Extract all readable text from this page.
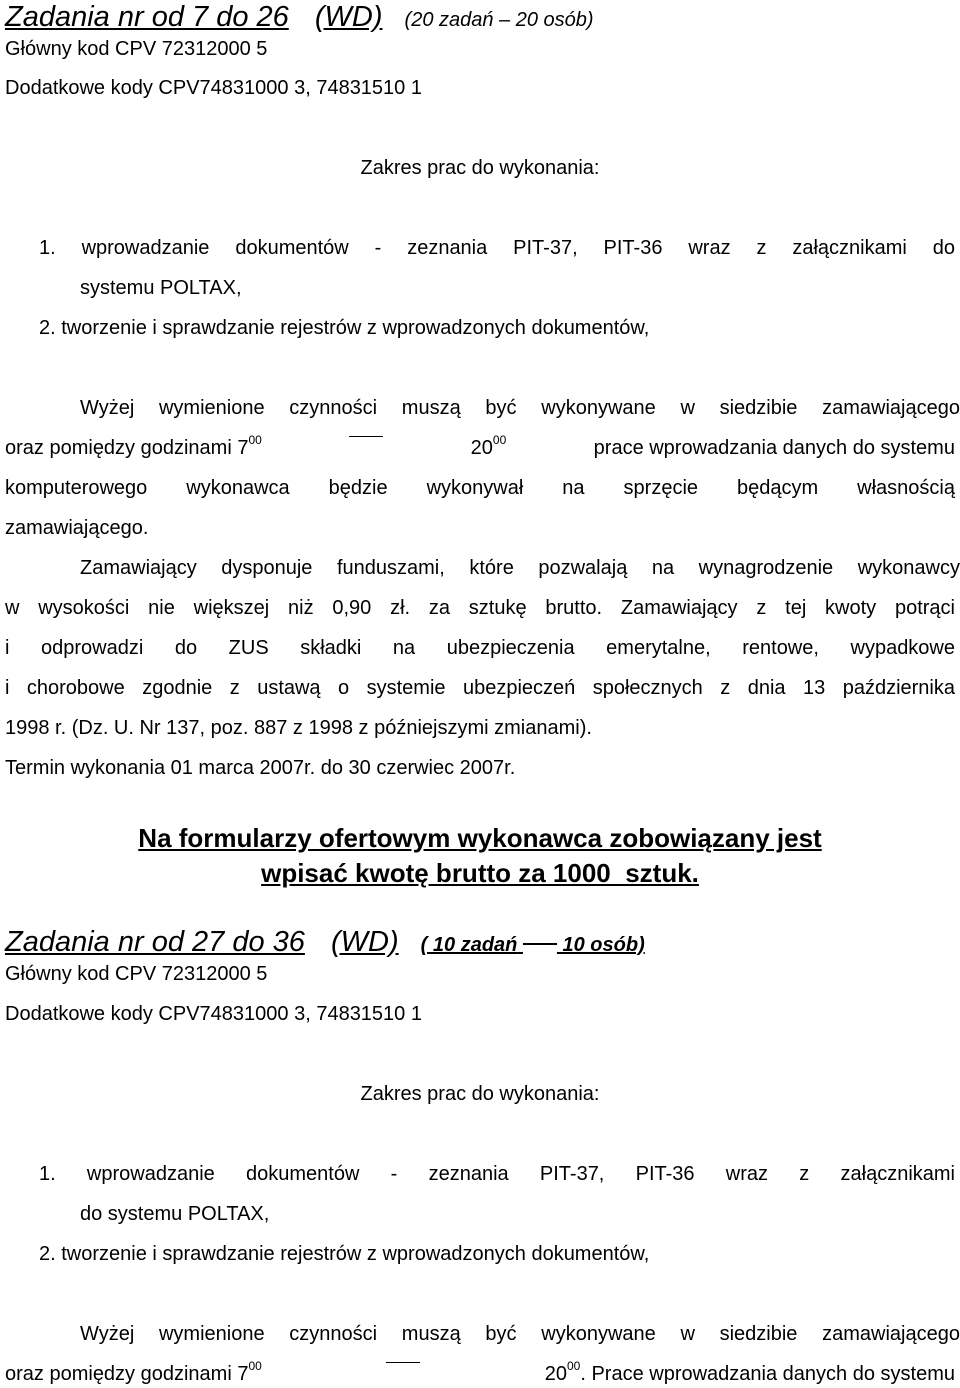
Zadania nr od 7 do 26 (WD) (20 zadań – 20 osób)
Główny kod CPV 72312000 5
Dodatkowe kody CPV74831000 3, 74831510 1
Zakres prac do wykonania:
1. wprowadzanie dokumentów - zeznania PIT-37, PIT-36 wraz z załącznikami do
systemu POLTAX,
2. tworzenie i sprawdzanie rejestrów z wprowadzonych dokumentów,
Wyżej wymienione czynności muszą być wykonywane w siedzibie zamawiającego
oraz pomiędzy godzinami $7^{00}$	$20^{00}$	prace wprowadzania danych do systemu
komputerowego wykonawca będzie wykonywał na sprzęcie będącym własnością
zamawiającego.
Zamawiający dysponuje funduszami, które pozwalają na wynagrodzenie wykonawcy
w wysokości nie większej niż 0,90 zł. za sztukę brutto. Zamawiający z tej kwoty potrąci
i odprowadzi do ZUS składki na ubezpieczenia emerytalne, rentowe, wypadkowe
i chorobowe zgodnie z ustawą o systemie ubezpieczeń społecznych z dnia 13 października
1998 r. (Dz. U. Nr 137, poz. 887 z 1998 z późniejszymi zmianami).
Termin wykonania 01 marca 2007r. do 30 czerwiec 2007r.
Na formularzy ofertowym wykonawca zobowiązany jest
wpisać kwotę brutto za 1000  sztuk.
Zadania nr od 27 do 36 (WD) ( 10 zadań 10 osób)
Główny kod CPV 72312000 5
Dodatkowe kody CPV74831000 3, 74831510 1
Zakres prac do wykonania:
1. wprowadzanie dokumentów - zeznania PIT-37, PIT-36 wraz z załącznikami
do systemu POLTAX,
2. tworzenie i sprawdzanie rejestrów z wprowadzonych dokumentów,
Wyżej wymienione czynności muszą być wykonywane w siedzibie zamawiającego
oraz pomiędzy godzinami $7^{00}$	$20^{00}$. Prace wprowadzania danych do systemu
